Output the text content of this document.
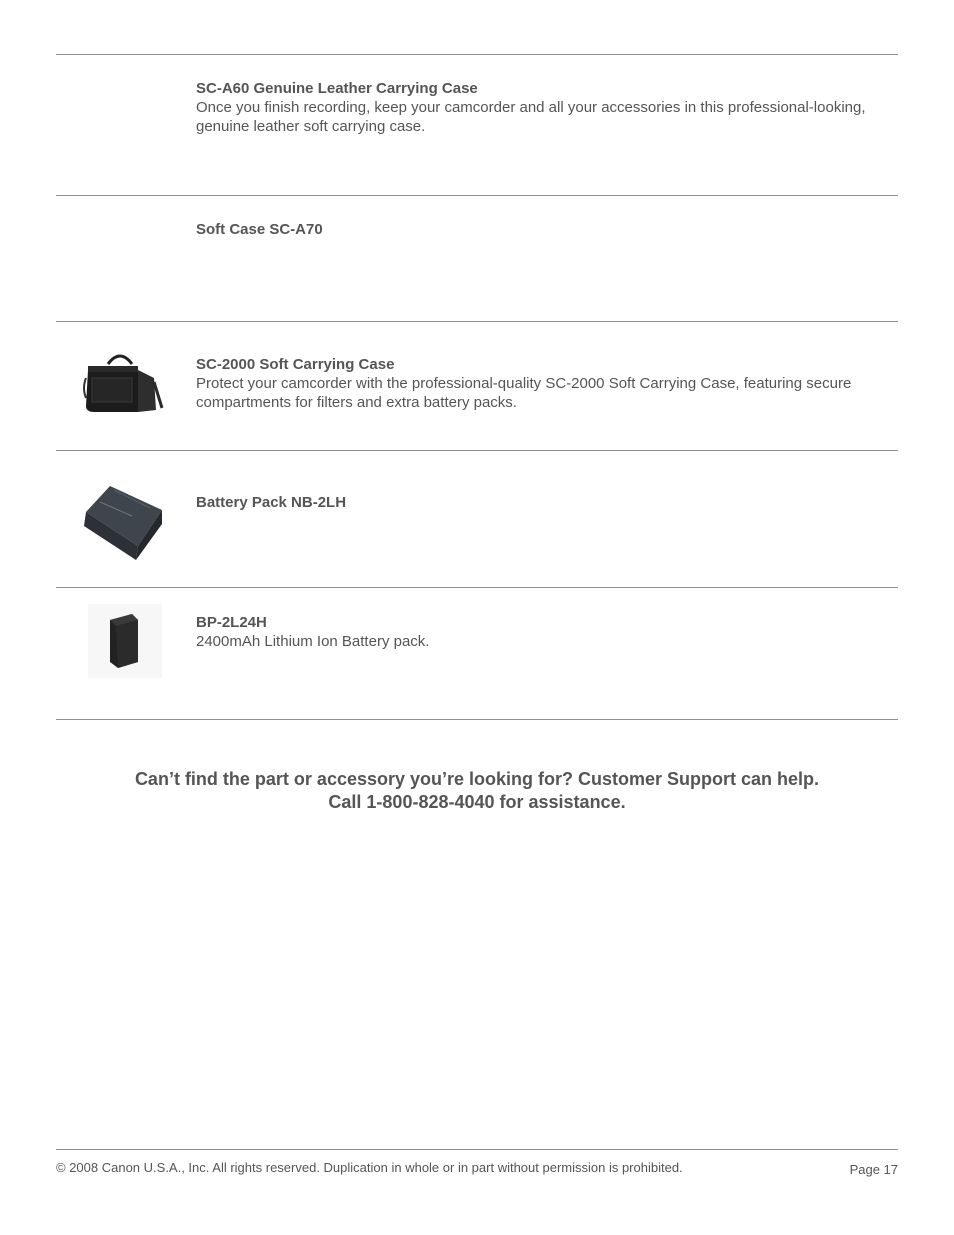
SC-A60 Genuine Leather Carrying Case
Once you finish recording, keep your camcorder and all your accessories in this professional-looking, genuine leather soft carrying case.
Soft Case SC-A70
SC-2000 Soft Carrying Case
Protect your camcorder with the professional-quality SC-2000 Soft Carrying Case, featuring secure compartments for filters and extra battery packs.
Battery Pack NB-2LH
BP-2L24H
2400mAh Lithium Ion Battery pack.
Can’t find the part or accessory you’re looking for? Customer Support can help.
Call 1-800-828-4040 for assistance.
© 2008 Canon U.S.A., Inc. All rights reserved. Duplication in whole or in part without permission is prohibited.	Page 17
